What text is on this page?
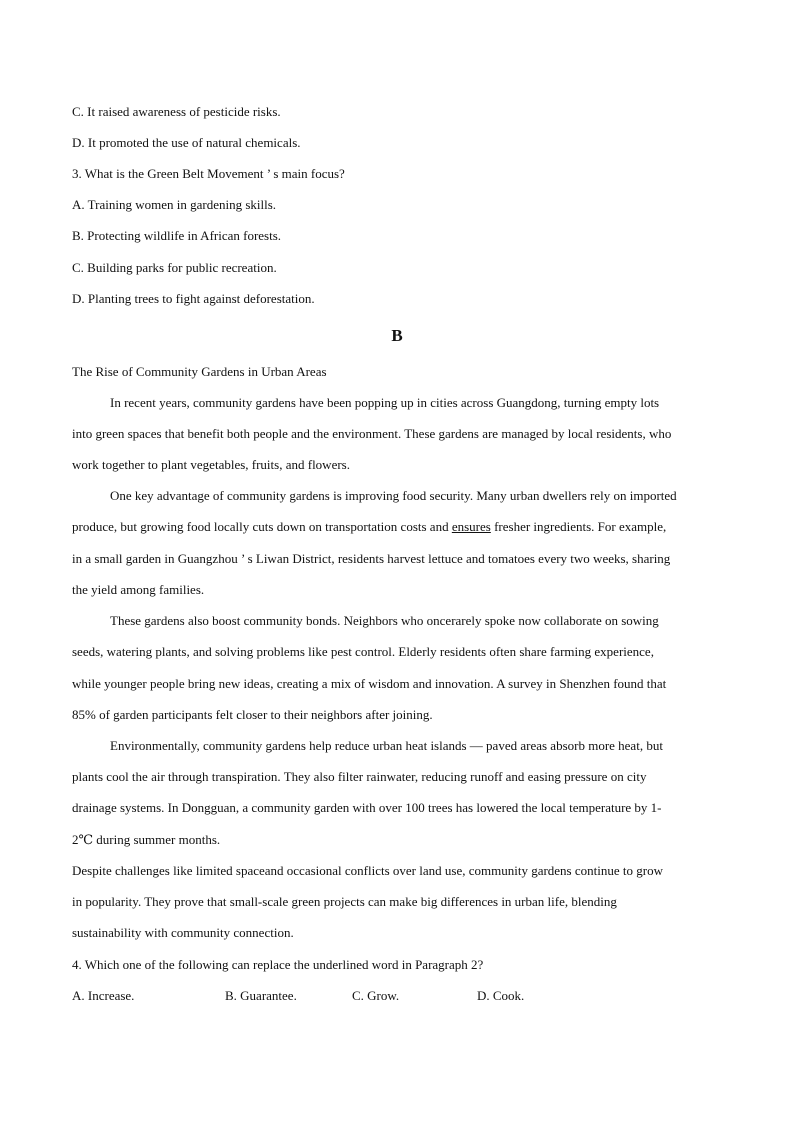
C. It raised awareness of pesticide risks.
D. It promoted the use of natural chemicals.
3. What is the Green Belt Movement ’ s main focus?
A. Training women in gardening skills.
B. Protecting wildlife in African forests.
C. Building parks for public recreation.
D. Planting trees to fight against deforestation.
B
The Rise of Community Gardens in Urban Areas
In recent years, community gardens have been popping up in cities across Guangdong, turning empty lots
into green spaces that benefit both people and the environment. These gardens are managed by local residents, who
work together to plant vegetables, fruits, and flowers.
One key advantage of community gardens is improving food security. Many urban dwellers rely on imported
produce, but growing food locally cuts down on transportation costs and ensures fresher ingredients. For example,
in a small garden in Guangzhou ’ s Liwan District, residents harvest lettuce and tomatoes every two weeks, sharing
the yield among families.
These gardens also boost community bonds. Neighbors who oncerarely spoke now collaborate on sowing
seeds, watering plants, and solving problems like pest control. Elderly residents often share farming experience,
while younger people bring new ideas, creating a mix of wisdom and innovation. A survey in Shenzhen found that
85% of garden participants felt closer to their neighbors after joining.
Environmentally, community gardens help reduce urban heat islands — paved areas absorb more heat, but
plants cool the air through transpiration. They also filter rainwater, reducing runoff and easing pressure on city
drainage systems. In Dongguan, a community garden with over 100 trees has lowered the local temperature by 1-
2℃ during summer months.
Despite challenges like limited spaceand occasional conflicts over land use, community gardens continue to grow
in popularity. They prove that small-scale green projects can make big differences in urban life, blending
sustainability with community connection.
4. Which one of the following can replace the underlined word in Paragraph 2?
A. Increase.	B. Guarantee.	C. Grow.	D. Cook.
